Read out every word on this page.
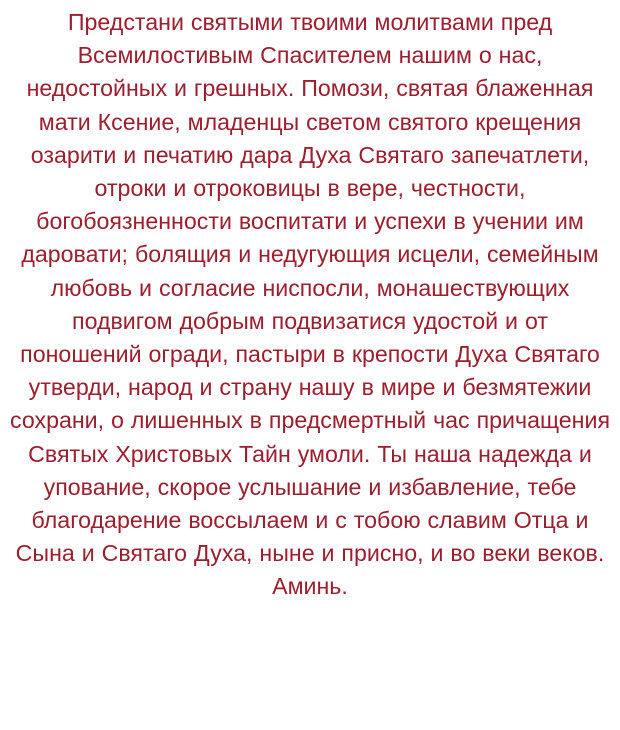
Предстани святыми твоими молитвами пред Всемилостивым Спасителем нашим о нас, недостойных и грешных. Помози, святая блаженная мати Ксение, младенцы светом святого крещения озарити и печатию дара Духа Святаго запечатлети, отроки и отроковицы в вере, честности, богобоязненности воспитати и успехи в учении им даровати; болящия и недугующия исцели, семейным любовь и согласие ниспосли, монашествующих подвигом добрым подвизатися удостой и от поношений огради, пастыри в крепости Духа Святаго утверди, народ и страну нашу в мире и безмятежии сохрани, о лишенных в предсмертный час причащения Святых Христовых Тайн умоли. Ты наша надежда и упование, скорое услышание и избавление, тебе благодарение воссылаем и с тобою славим Отца и Сына и Святаго Духа, ныне и присно, и во веки веков. Аминь.
